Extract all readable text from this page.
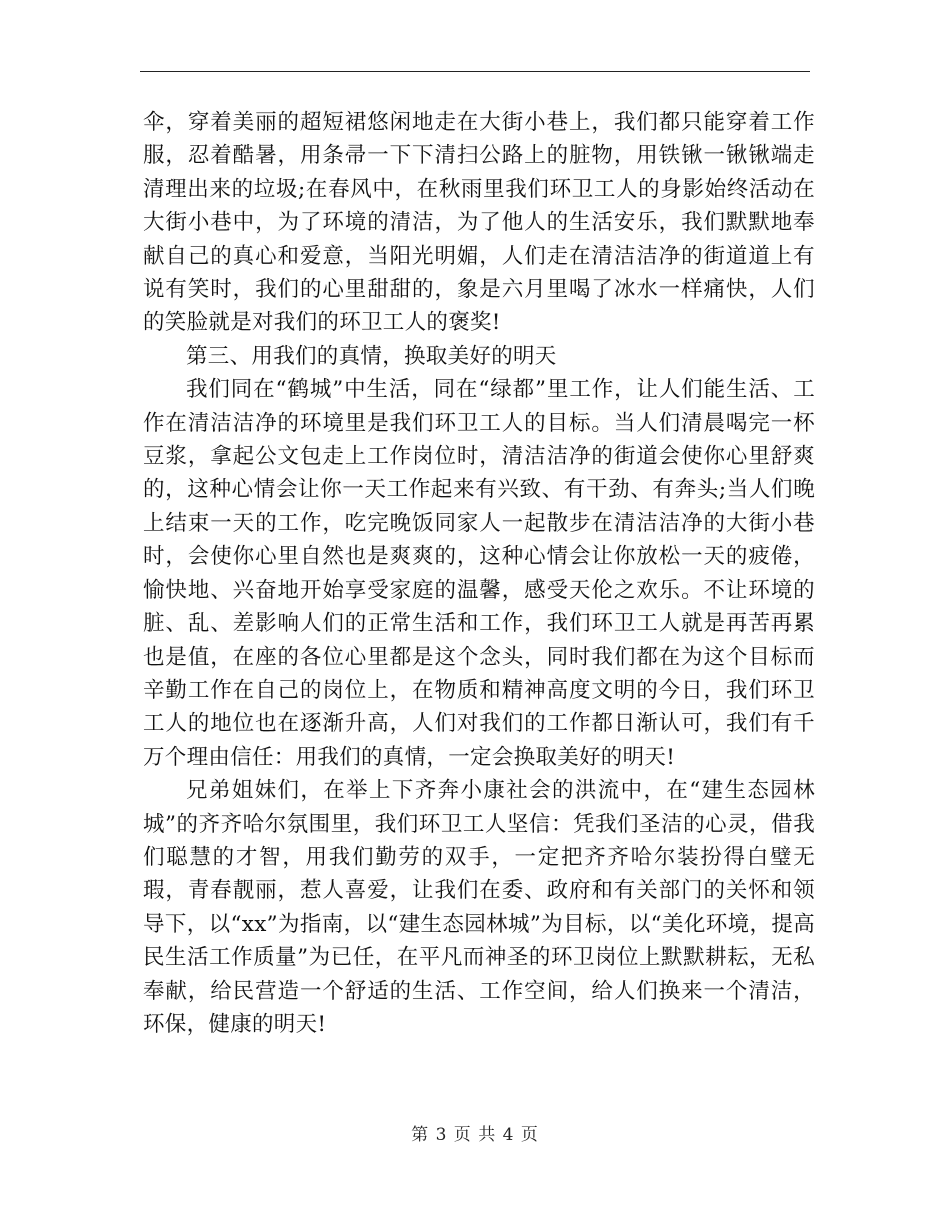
伞，穿着美丽的超短裙悠闲地走在大街小巷上，我们都只能穿着工作服，忍着酷暑，用条帚一下下清扫公路上的脏物，用铁锹一锹锹端走清理出来的垃圾;在春风中，在秋雨里我们环卫工人的身影始终活动在大街小巷中，为了环境的清洁，为了他人的生活安乐，我们默默地奉献自己的真心和爱意，当阳光明媚，人们走在清洁洁净的街道道上有说有笑时，我们的心里甜甜的，象是六月里喝了冰水一样痛快，人们的笑脸就是对我们的环卫工人的褒奖!

第三、用我们的真情，换取美好的明天

我们同在“鹤城”中生活，同在“绿都”里工作，让人们能生活、工作在清洁洁净的环境里是我们环卫工人的目标。当人们清晨喝完一杯豆浆，拿起公文包走上工作岗位时，清洁洁净的街道会使你心里舒爽的，这种心情会让你一天工作起来有兴致、有干劲、有奔头;当人们晚上结束一天的工作，吃完晚饭同家人一起散步在清洁洁净的大街小巷时，会使你心里自然也是爽爽的，这种心情会让你放松一天的疲倦，愉快地、兴奋地开始享受家庭的温馨，感受天伦之欢乐。不让环境的脏、乱、差影响人们的正常生活和工作，我们环卫工人就是再苦再累也是值，在座的各位心里都是这个念头，同时我们都在为这个目标而辛勤工作在自己的岗位上，在物质和精神高度文明的今日，我们环卫工人的地位也在逐渐升高，人们对我们的工作都日渐认可，我们有千万个理由信任：用我们的真情，一定会换取美好的明天!

兄弟姐妹们，在举上下齐奔小康社会的洪流中，在“建生态园林城”的齐齐哈尔氛围里，我们环卫工人坚信：凭我们圣洁的心灵，借我们聪慧的才智，用我们勤劳的双手，一定把齐齐哈尔装扮得白璧无瑕，青春靓丽，惹人喜爱，让我们在委、政府和有关部门的关怀和领导下，以“xx”为指南，以“建生态园林城”为目标，以“美化环境，提高民生活工作质量”为已任，在平凡而神圣的环卫岗位上默默耕耘，无私奉献，给民营造一个舒适的生活、工作空间，给人们换来一个清洁，环保，健康的明天!

第 3 页 共 4 页
